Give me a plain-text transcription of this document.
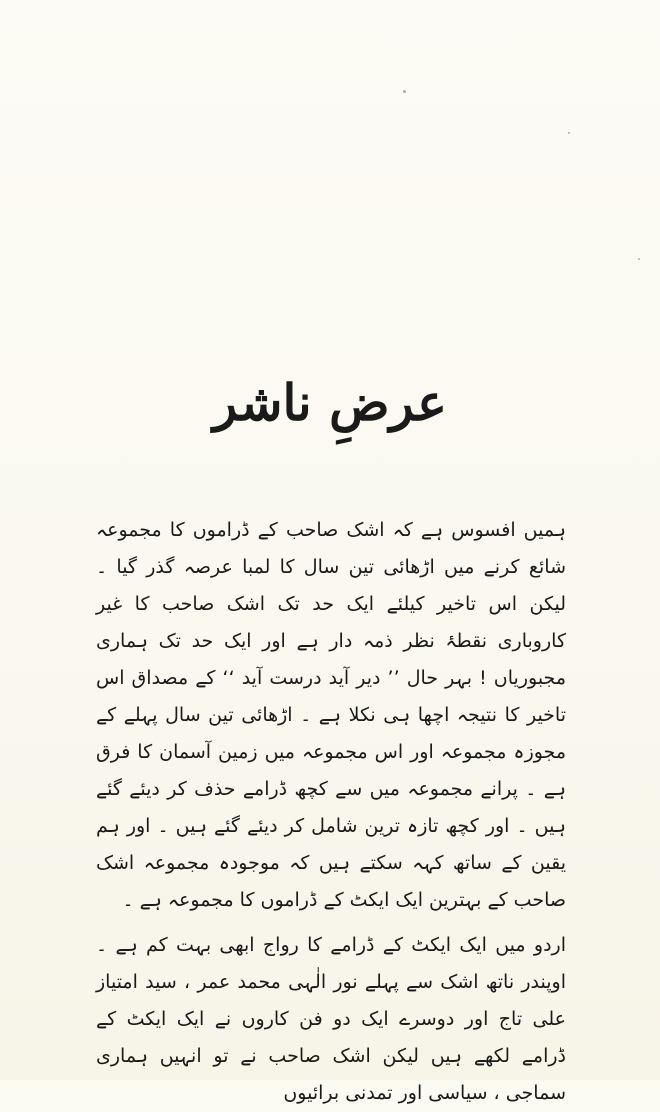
عرضِ ناشر

ہمیں افسوس ہے کہ اشک صاحب کے ڈراموں کا مجموعہ شائع کرنے میں اڑھائی تین سال کا لمبا عرصہ گذر گیا ۔ لیکن اس تاخیر کیلئے ایک حد تک اشک صاحب کا غیر کاروباری نقطۂ نظر ذمہ دار ہے اور ایک حد تک ہماری مجبوریاں ! بہر حال ’’ دیر آید درست آید ‘‘ کے مصداق اس تاخیر کا نتیجہ اچھا ہی نکلا ہے ۔ اڑھائی تین سال پہلے کے مجوزہ مجموعہ اور اس مجموعہ میں زمین آسمان کا فرق ہے ۔ پرانے مجموعہ میں سے کچھ ڈرامے حذف کر دیئے گئے ہیں ۔ اور کچھ تازہ ترین شامل کر دیئے گئے ہیں ۔ اور ہم یقین کے ساتھ کہہ سکتے ہیں کہ موجودہ مجموعہ اشک صاحب کے بہترین ایک ایکٹ کے ڈراموں کا مجموعہ ہے ۔

اردو میں ایک ایکٹ کے ڈرامے کا رواج ابھی بہت کم ہے ۔ اوپندر ناتھ اشک سے پہلے نور الٰہی محمد عمر ، سید امتیاز علی تاج اور دوسرے ایک دو فن کاروں نے ایک ایکٹ کے ڈرامے لکھے ہیں لیکن اشک صاحب نے تو انہیں ہماری سماجی ، سیاسی اور تمدنی برائیوں
